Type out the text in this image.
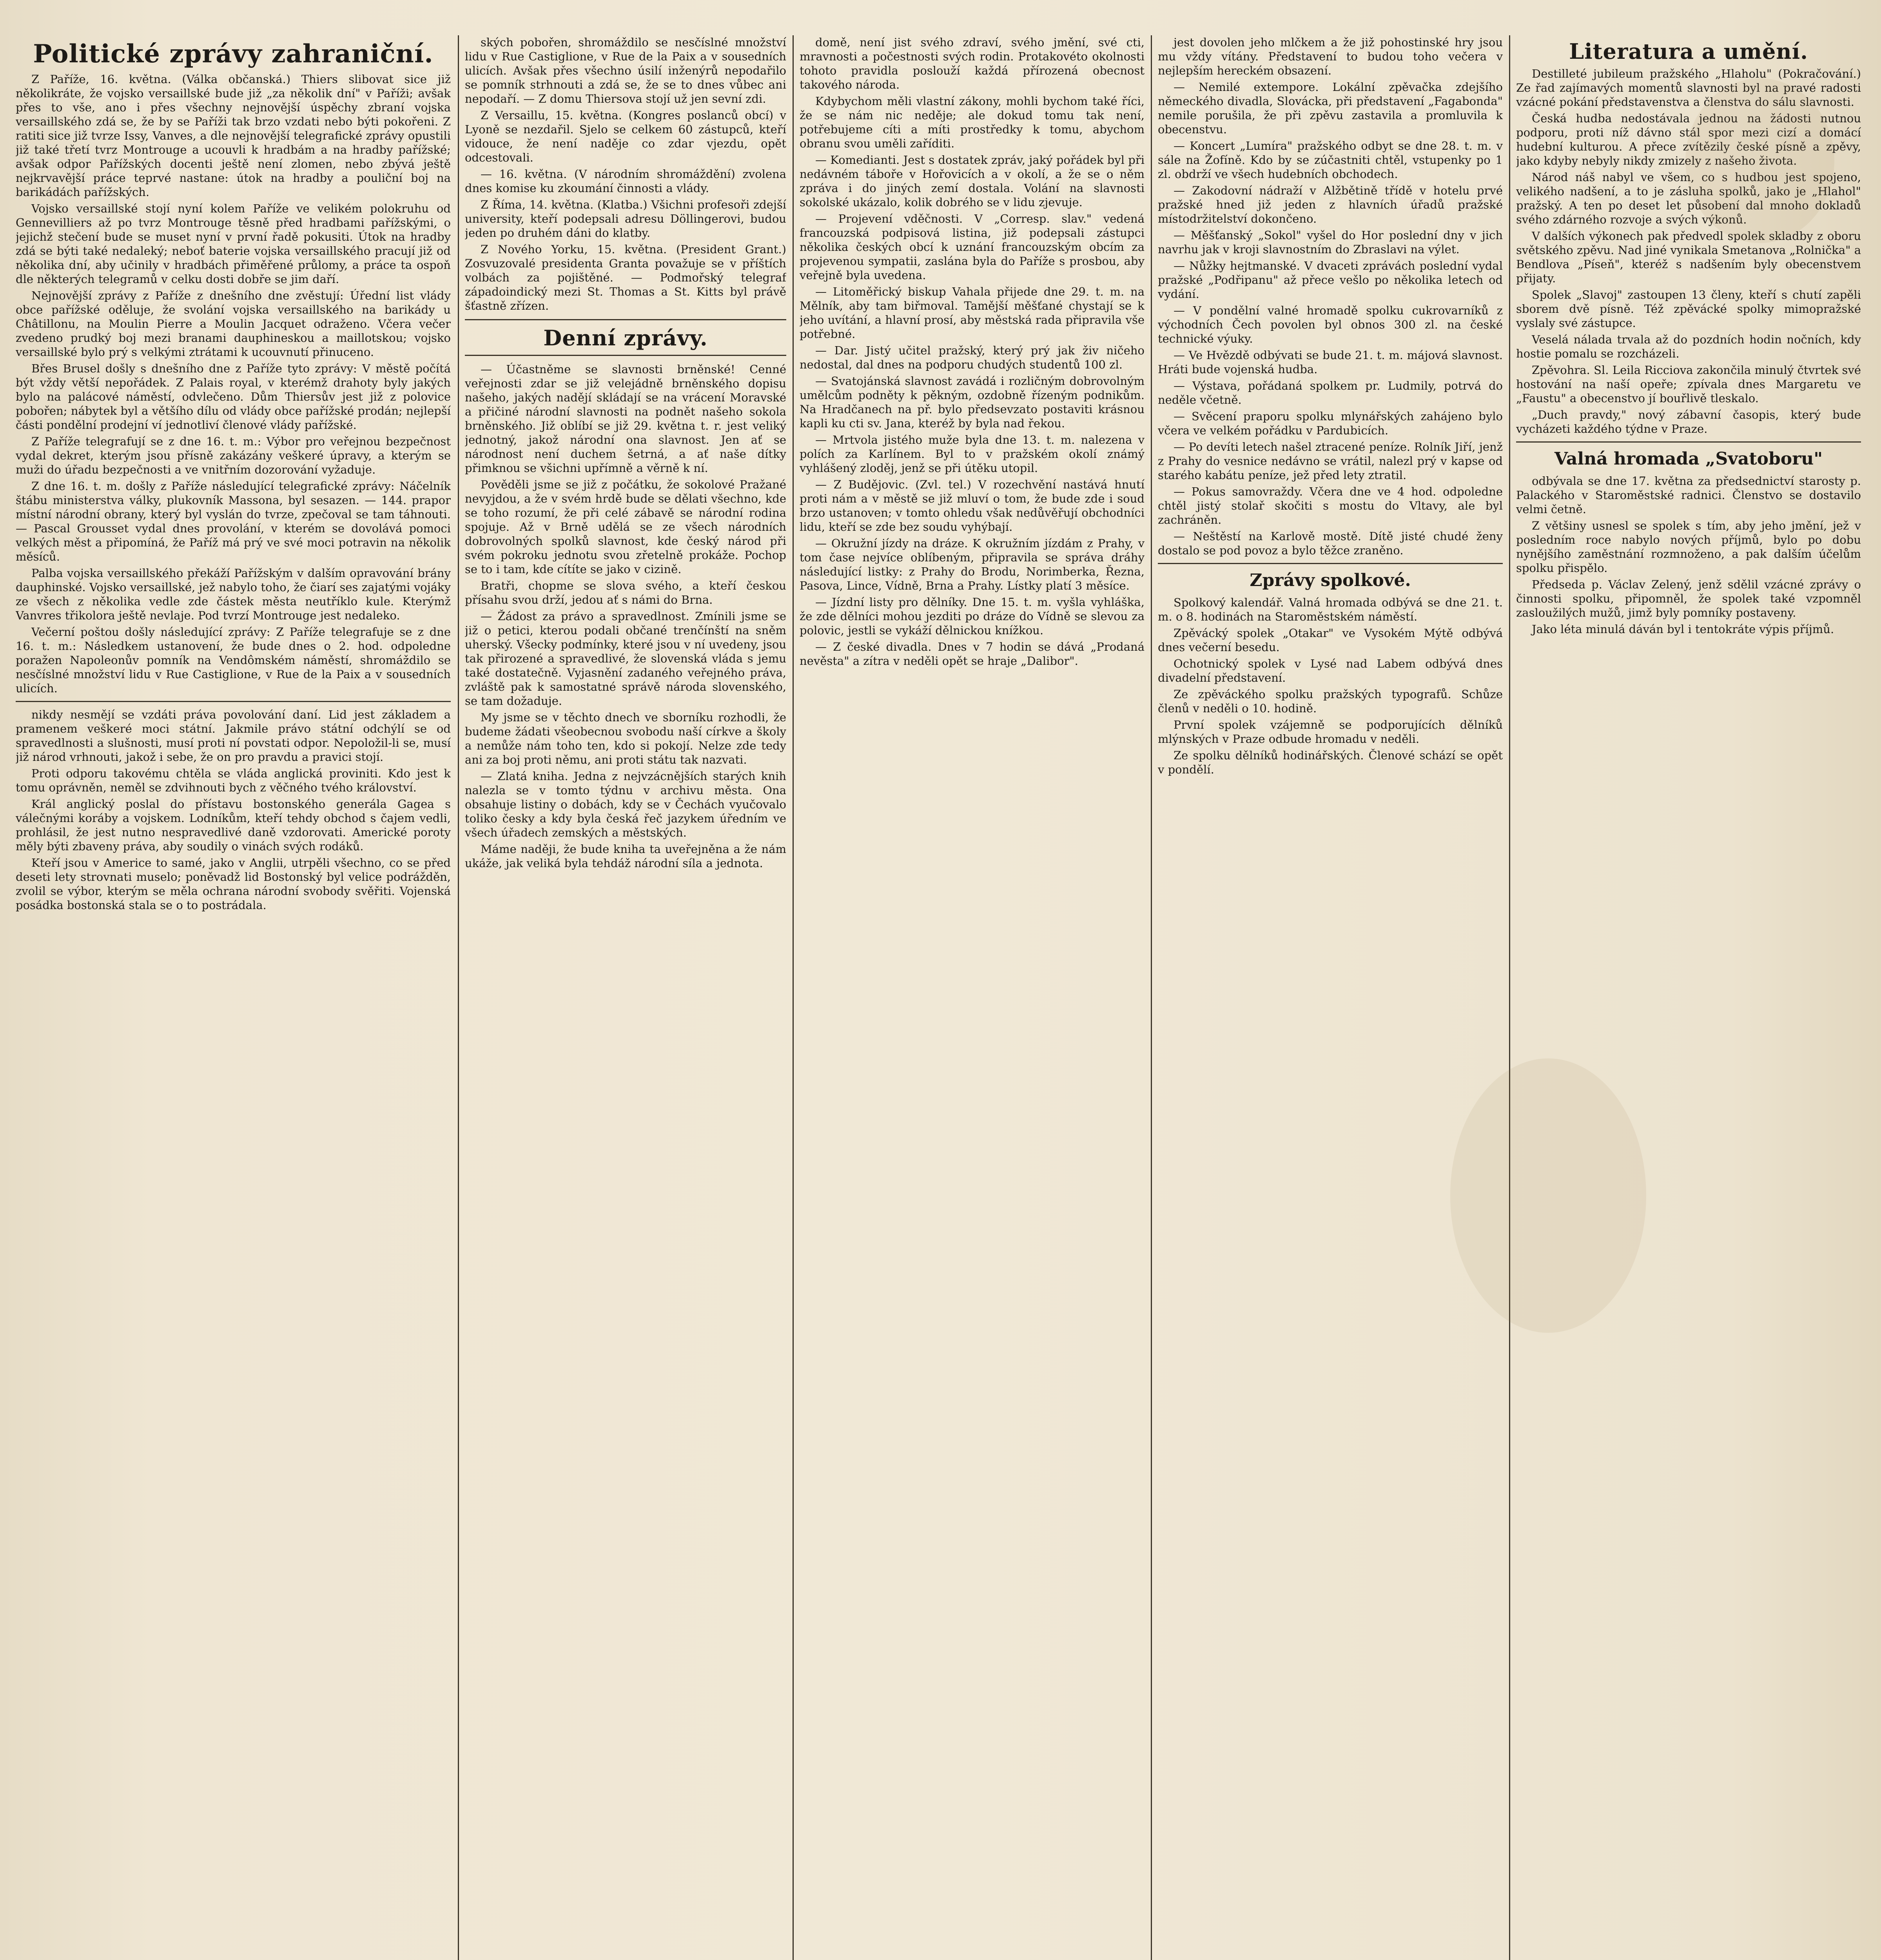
Politické zprávy zahraniční.

Z Paříže, 16. května. (Válka občanská.) Thiers slibovat sice již několikráte, že vojsko versaillské bude již „za několik dní" v Paříži; avšak přes to vše, ano i přes všechny nejnovější úspěchy zbraní vojska versaillského zdá se, že by se Paříži tak brzo vzdati nebo býti pokořeni. Z ratiti sice již tvrze Issy, Vanves, a dle nejnovější telegrafické zprávy opustili již také třetí tvrz Montrouge a ucouvli k hradbám a na hradby pařížské; avšak odpor Pařížských docenti ještě není zlomen, nebo zbývá ještě nejkrvavější práce teprvé nastane: útok na hradby a pouliční boj na barikádách pařížských.

Vojsko versaillské stojí nyní kolem Paříže ve velikém polokruhu od Gennevilliers až po tvrz Montrouge těsně před hradbami pařížskými, o jejichž stečení bude se muset nyní v první řadě pokusiti. Útok na hradby zdá se býti také nedaleký; neboť baterie vojska versaillského pracují již od několika dní, aby učinily v hradbách přiměřené průlomy, a práce ta ospoň dle některých telegramů v celku dosti dobře se jim daří.

Nejnovější zprávy z Paříže z dnešního dne zvěstují: Úřední list vlády obce pařížské oděluje, že svolání vojska versaillského na barikády u Châtillonu, na Moulin Pierre a Moulin Jacquet odraženo. Včera večer zvedeno prudký boj mezi branami dauphineskou a maillotskou; vojsko versaillské bylo prý s velkými ztrátami k ucouvnutí přinuceno.

Břes Brusel došly s dnešního dne z Paříže tyto zprávy: V městě počítá být vždy větší nepořádek. Z Palais royal, v kterémž drahoty byly jakých bylo na palácové náměstí, odvlečeno. Dům Thiersův jest již z polovice pobořen; nábytek byl a většího dílu od vlády obce pařížské prodán; nejlepší části pondělní prodejní ví jednotliví členové vlády pařížské.

Z Paříže telegrafují se z dne 16. t. m.: Výbor pro veřejnou bezpečnost vydal dekret, kterým jsou přísně zakázány veškeré úpravy, a kterým se muži do úřadu bezpečnosti a ve vnitřním dozorování vyžaduje.

Z dne 16. t. m. došly z Paříže následující telegrafické zprávy: Náčelník štábu ministerstva války, plukovník Massona, byl sesazen. — 144. prapor místní národní obrany, který byl vyslán do tvrze, zpečoval se tam táhnouti. — Pascal Grousset vydal dnes provolání, v kterém se dovolává pomoci velkých měst a připomíná, že Paříž má prý ve své moci potravin na několik měsíců.

Palba vojska versaillského překáží Pařížským v dalším opravování brány dauphinské. Vojsko versaillské, jež nabylo toho, že čiarí ses zajatými vojáky ze všech z několika vedle zde částek města neutříklo kule. Kterýmž Vanvres třikolora ještě nevlaje. Pod tvrzí Montrouge jest nedaleko.

Večerní poštou došly následující zprávy: Z Paříže telegrafuje se z dne 16. t. m.: Následkem ustanovení, že bude dnes o 2. hod. odpoledne poražen Napoleonův pomník na Vendômském náměstí, shromáždilo se nesčíslné množství lidu v Rue Castiglione, v Rue de la Paix a v sousedních ulicích.

nikdy nesmějí se vzdáti práva povolování daní. Lid jest základem a pramenem veškeré moci státní. Jakmile právo státní odchýlí se od spravedlnosti a slušnosti, musí proti ní povstati odpor. Nepoložil-li se, musí již národ vrhnouti, jakož i sebe, že on pro pravdu a pravici stojí.

Proti odporu takovému chtěla se vláda anglická proviniti. Kdo jest k tomu oprávněn, neměl se zdvihnouti bych z věčného tvého království.

Král anglický poslal do přístavu bostonského generála Gagea s válečnými koráby a vojskem. Lodníkům, kteří tehdy obchod s čajem vedli, prohlásil, že jest nutno nespravedlivé daně vzdorovati. Americké poroty měly býti zbaveny práva, aby soudily o vinách svých rodáků.

Kteří jsou v Americe to samé, jako v Anglii, utrpěli všechno, co se před deseti lety strovnati muselo; poněvadž lid Bostonský byl velice podrážděn, zvolil se výbor, kterým se měla ochrana národní svobody svěřiti. Vojenská posádka bostonská stala se o to postrádala.

ských pobořen, shromáždilo se nesčíslné množství lidu v Rue Castiglione, v Rue de la Paix a v sousedních ulicích. Avšak přes všechno úsilí inženýrů nepodařilo se pomník strhnouti a zdá se, že se to dnes vůbec ani nepodaří. — Z domu Thiersova stojí už jen sevní zdi.

Z Versaillu, 15. května. (Kongres poslanců obcí) v Lyoně se nezdařil. Sjelo se celkem 60 zástupců, kteří vidouce, že není naděje co zdar vjezdu, opět odcestovali.

— 16. května. (V národním shromáždění) zvolena dnes komise ku zkoumání činnosti a vlády.

Z Říma, 14. května. (Klatba.) Všichni profesoři zdejší university, kteří podepsali adresu Döllingerovi, budou jeden po druhém dáni do klatby.

Z Nového Yorku, 15. května. (President Grant.) Zosvuzovalé presidenta Granta považuje se v příštích volbách za pojištěné. — Podmořský telegraf západoindický mezi St. Thomas a St. Kitts byl právě šťastně zřízen.

Denní zprávy.

— Účastněme se slavnosti brněnské! Cenné veřejnosti zdar se již velejádně brněnského dopisu našeho, jakých nadějí skládají se na vrácení Moravské a přičiné národní slavnosti na podnět našeho sokola brněnského. Již oblíbí se již 29. května t. r. jest veliký jednotný, jakož národní ona slavnost. Jen ať se národnost není duchem šetrná, a ať naše dítky přimknou se všichni upřímně a věrně k ní.

Pověděli jsme se již z počátku, že sokolové Pražané nevyjdou, a že v svém hrdě bude se dělati všechno, kde se toho rozumí, že při celé zábavě se národní rodina spojuje. Až v Brně udělá se ze všech národních dobrovolných spolků slavnost, kde český národ při svém pokroku jednotu svou zřetelně prokáže. Pochop se to i tam, kde cítíte se jako v cizině.

Bratři, chopme se slova svého, a kteří českou přísahu svou drží, jedou ať s námi do Brna.

— Žádost za právo a spravedlnost. Zmínili jsme se již o petici, kterou podali občané trenčínští na sněm uherský. Všecky podmínky, které jsou v ní uvedeny, jsou tak přirozené a spravedlivé, že slovenská vláda s jemu také dostatečně. Vyjasnění zadaného veřejného práva, zvláště pak k samostatné správě národa slovenského, se tam dožaduje.

My jsme se v těchto dnech ve sborníku rozhodli, že budeme žádati všeobecnou svobodu naší církve a školy a nemůže nám toho ten, kdo si pokojí. Nelze zde tedy ani za boj proti němu, ani proti státu tak nazvati.

— Zlatá kniha. Jedna z nejvzácnějších starých knih nalezla se v tomto týdnu v archivu města. Ona obsahuje listiny o dobách, kdy se v Čechách vyučovalo toliko česky a kdy byla česká řeč jazykem úředním ve všech úřadech zemských a městských.

Máme naději, že bude kniha ta uveřejněna a že nám ukáže, jak veliká byla tehdáž národní síla a jednota.

domě, není jist svého zdraví, svého jmění, své cti, mravnosti a počestnosti svých rodin. Protakovéto okolnosti tohoto pravidla poslouží každá přírozená obecnost takového národa.

Kdybychom měli vlastní zákony, mohli bychom také říci, že se nám nic neděje; ale dokud tomu tak není, potřebujeme cíti a míti prostředky k tomu, abychom obranu svou uměli zaříditi.

— Komedianti. Jest s dostatek zpráv, jaký pořádek byl při nedávném táboře v Hořovicích a v okolí, a že se o něm zpráva i do jiných zemí dostala. Volání na slavnosti sokolské ukázalo, kolik dobrého se v lidu zjevuje.

— Projevení vděčnosti. V „Corresp. slav." vedená francouzská podpisová listina, již podepsali zástupci několika českých obcí k uznání francouzským obcím za projevenou sympatii, zaslána byla do Paříže s prosbou, aby veřejně byla uvedena.

— Litoměřický biskup Vahala přijede dne 29. t. m. na Mělník, aby tam biřmoval. Tamější měšťané chystají se k jeho uvítání, a hlavní prosí, aby městská rada připravila vše potřebné.

— Dar. Jistý učitel pražský, který prý jak živ ničeho nedostal, dal dnes na podporu chudých studentů 100 zl.

— Svatojánská slavnost zavádá i rozličným dobrovolným umělcům podněty k pěkným, ozdobně řízeným podnikům. Na Hradčanech na př. bylo předsevzato postaviti krásnou kapli ku cti sv. Jana, kteréž by byla nad řekou.

— Mrtvola jistého muže byla dne 13. t. m. nalezena v polích za Karlínem. Byl to v pražském okolí známý vyhlášený zloděj, jenž se při útěku utopil.

— Z Budějovic. (Zvl. tel.) V rozechvění nastává hnutí proti nám a v městě se již mluví o tom, že bude zde i soud brzo ustanoven; v tomto ohledu však nedůvěřují obchodníci lidu, kteří se zde bez soudu vyhýbají.

— Okružní jízdy na dráze. K okružním jízdám z Prahy, v tom čase nejvíce oblíbeným, připravila se správa dráhy následující listky: z Prahy do Brodu, Norimberka, Řezna, Pasova, Lince, Vídně, Brna a Prahy. Lístky platí 3 měsíce.

— Jízdní listy pro dělníky. Dne 15. t. m. vyšla vyhláška, že zde dělníci mohou jezditi po dráze do Vídně se slevou za polovic, jestli se vykáží dělnickou knížkou.

— Z české divadla. Dnes v 7 hodin se dává „Prodaná nevěsta" a zítra v neděli opět se hraje „Dalibor".

jest dovolen jeho mlčkem a že již pohostinské hry jsou mu vždy vítány. Představení to budou toho večera v nejlepším hereckém obsazení.

— Nemilé extempore. Lokální zpěvačka zdejšího německého divadla, Slovácka, při představení „Fagabonda" nemile porušila, že při zpěvu zastavila a promluvila k obecenstvu.

— Koncert „Lumíra" pražského odbyt se dne 28. t. m. v sále na Žofíně. Kdo by se zúčastniti chtěl, vstupenky po 1 zl. obdrží ve všech hudebních obchodech.

— Zakodovní nádraží v Alžbětině třídě v hotelu prvé pražské hned již jeden z hlavních úřadů pražské místodržitelství dokončeno.

— Měšťanský „Sokol" vyšel do Hor poslední dny v jich navrhu jak v kroji slavnostním do Zbraslavi na výlet.

— Nůžky hejtmanské. V dvaceti zprávách poslední vydal pražské „Podřipanu" až přece vešlo po několika letech od vydání.

— V pondělní valné hromadě spolku cukrovarníků z východních Čech povolen byl obnos 300 zl. na české technické výuky.

— Ve Hvězdě odbývati se bude 21. t. m. májová slavnost. Hráti bude vojenská hudba.

— Výstava, pořádaná spolkem pr. Ludmily, potrvá do neděle včetně.

— Svěcení praporu spolku mlynářských zahájeno bylo včera ve velkém pořádku v Pardubicích.

— Po devíti letech našel ztracené peníze. Rolník Jiří, jenž z Prahy do vesnice nedávno se vrátil, nalezl prý v kapse od starého kabátu peníze, jež před lety ztratil.

— Pokus samovraždy. Včera dne ve 4 hod. odpoledne chtěl jistý stolař skočiti s mostu do Vltavy, ale byl zachráněn.

— Neštěstí na Karlově mostě. Dítě jisté chudé ženy dostalo se pod povoz a bylo těžce zraněno.

Zprávy spolkové.

Spolkový kalendář. Valná hromada odbývá se dne 21. t. m. o 8. hodinách na Staroměstském náměstí.

Zpěvácký spolek „Otakar" ve Vysokém Mýtě odbývá dnes večerní besedu.

Ochotnický spolek v Lysé nad Labem odbývá dnes divadelní představení.

Ze zpěváckého spolku pražských typografů. Schůze členů v neděli o 10. hodině.

První spolek vzájemně se podporujících dělníků mlýnských v Praze odbude hromadu v neděli.

Ze spolku dělníků hodinářských. Členové schází se opět v pondělí.

Literatura a umění.

Destilleté jubileum pražského „Hlaholu" (Pokračování.) Ze řad zajímavých momentů slavnosti byl na pravé radosti vzácné pokání představenstva a členstva do sálu slavnosti.

Česká hudba nedostávala jednou na žádosti nutnou podporu, proti níž dávno stál spor mezi cizí a domácí hudební kulturou. A přece zvítězily české písně a zpěvy, jako kdyby nebyly nikdy zmizely z našeho života.

Národ náš nabyl ve všem, co s hudbou jest spojeno, velikého nadšení, a to je zásluha spolků, jako je „Hlahol" pražský. A ten po deset let působení dal mnoho dokladů svého zdárného rozvoje a svých výkonů.

V dalších výkonech pak předvedl spolek skladby z oboru světského zpěvu. Nad jiné vynikala Smetanova „Rolnička" a Bendlova „Píseň", kteréž s nadšením byly obecenstvem přijaty.

Spolek „Slavoj" zastoupen 13 členy, kteří s chutí zapěli sborem dvě písně. Též zpěvácké spolky mimopražské vyslaly své zástupce.

Veselá nálada trvala až do pozdních hodin nočních, kdy hostie pomalu se rozcházeli.

Zpěvohra. Sl. Leila Ricciova zakončila minulý čtvrtek své hostování na naší opeře; zpívala dnes Margaretu ve „Faustu" a obecenstvo jí bouřlivě tleskalo.

„Duch pravdy," nový zábavní časopis, který bude vycházeti každého týdne v Praze.

Valná hromada „Svatoboru"

odbývala se dne 17. května za předsednictví starosty p. Palackého v Staroměstské radnici. Členstvo se dostavilo velmi četně.

Z většiny usnesl se spolek s tím, aby jeho jmění, jež v posledním roce nabylo nových příjmů, bylo po dobu nynějšího zaměstnání rozmnoženo, a pak dalším účelům spolku přispělo.

Předseda p. Václav Zelený, jenž sdělil vzácné zprávy o činnosti spolku, připomněl, že spolek také vzpomněl zasloužilých mužů, jimž byly pomníky postaveny.

Jako léta minulá dáván byl i tentokráte výpis příjmů.
